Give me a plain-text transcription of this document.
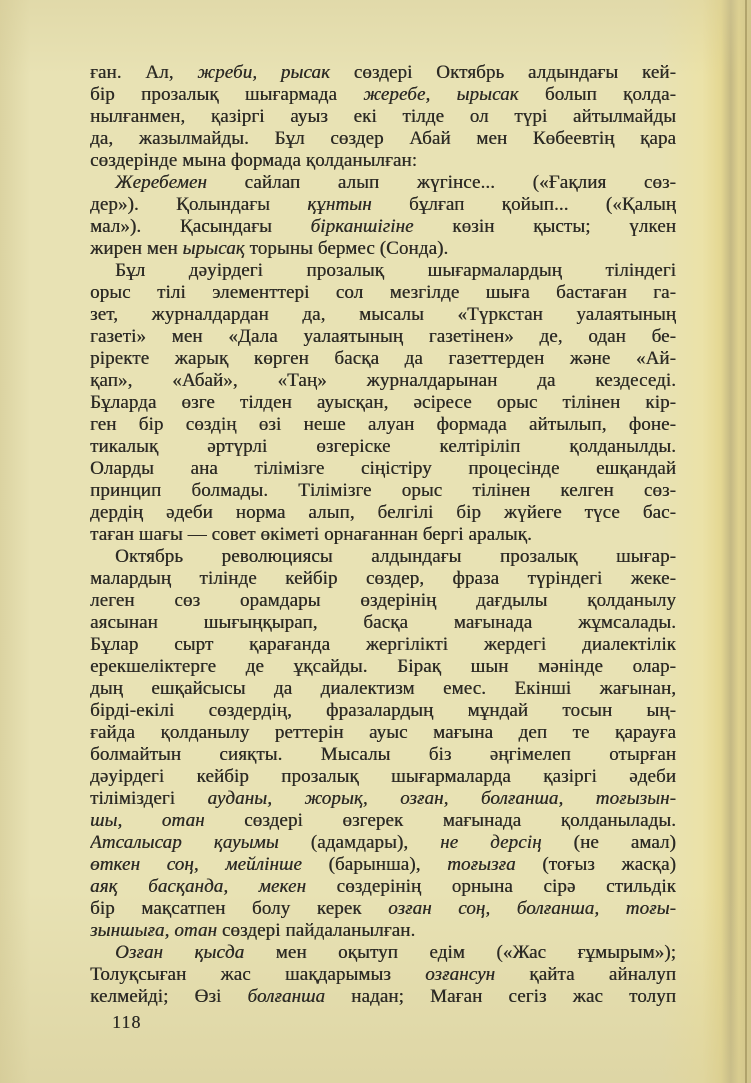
ған. Ал, жреби, рысак сөздері Октябрь алдындағы кей-
бір прозалық шығармада жеребе, ырысак болып қолда-
нылғанмен, қазіргі ауыз екі тілде ол түрі айтылмайды
да, жазылмайды. Бұл сөздер Абай мен Көбеевтің қара
сөздерінде мына формада қолданылған:
Жеребемен сайлап алып жүгінсе... («Ғақлия сөз-
дер»). Қолындағы құнтын бұлғап қойып... («Қалың
мал»). Қасындағы бірканшігіне көзін қысты; үлкен
жирен мен ырысақ торыны бермес (Сонда).
Бұл дәуірдегі прозалық шығармалардың тіліндегі
орыс тілі элементтері сол мезгілде шыға бастаған га-
зет, журналдардан да, мысалы «Түркстан уалаятының
газеті» мен «Дала уалаятының газетінен» де, одан бе-
ріректе жарық көрген басқа да газеттерден және «Ай-
қап», «Абай», «Таң» журналдарынан да кездеседі.
Бұларда өзге тілден ауысқан, әсіресе орыс тілінен кір-
ген бір сөздің өзі неше алуан формада айтылып, фоне-
тикалық әртүрлі өзгеріске келтіріліп қолданылды.
Оларды ана тілімізге сіңістіру процесінде ешқандай
принцип болмады. Тілімізге орыс тілінен келген сөз-
дердің әдеби норма алып, белгілі бір жүйеге түсе бас-
таған шағы — совет өкіметі орнағаннан бергі аралық.
Октябрь революциясы алдындағы прозалық шығар-
малардың тілінде кейбір сөздер, фраза түріндегі жеке-
леген сөз орамдары өздерінің дағдылы қолданылу
аясынан шығыңқырап, басқа мағынада жұмсалады.
Бұлар сырт қарағанда жергілікті жердегі диалектілік
ерекшеліктерге де ұқсайды. Бірақ шын мәнінде олар-
дың ешқайсысы да диалектизм емес. Екінші жағынан,
бірді-екілі сөздердің, фразалардың мұндай тосын ың-
ғайда қолданылу реттерін ауыс мағына деп те қарауға
болмайтын сияқты. Мысалы біз әңгімелеп отырған
дәуірдегі кейбір прозалық шығармаларда қазіргі әдеби
тіліміздегі ауданы, жорық, озған, болғанша, тоғызын-
шы, отан сөздері өзгерек мағынада қолданылады.
Атсалысар қауымы (адамдары), не дерсің (не амал)
өткен соң, мейлінше (барынша), тоғызға (тоғыз жасқа)
аяқ басқанда, мекен сөздерінің орнына сірә стильдік
бір мақсатпен болу керек озған соң, болғанша, тоғы-
зыншыға, отан сөздері пайдаланылған.
Озған қысда мен оқытуп едім («Жас ғұмырым»);
Толуқсыған жас шақдарымыз озғансун қайта айналуп
келмейді; Өзі болғанша надан; Маған сегіз жас толуп
118
